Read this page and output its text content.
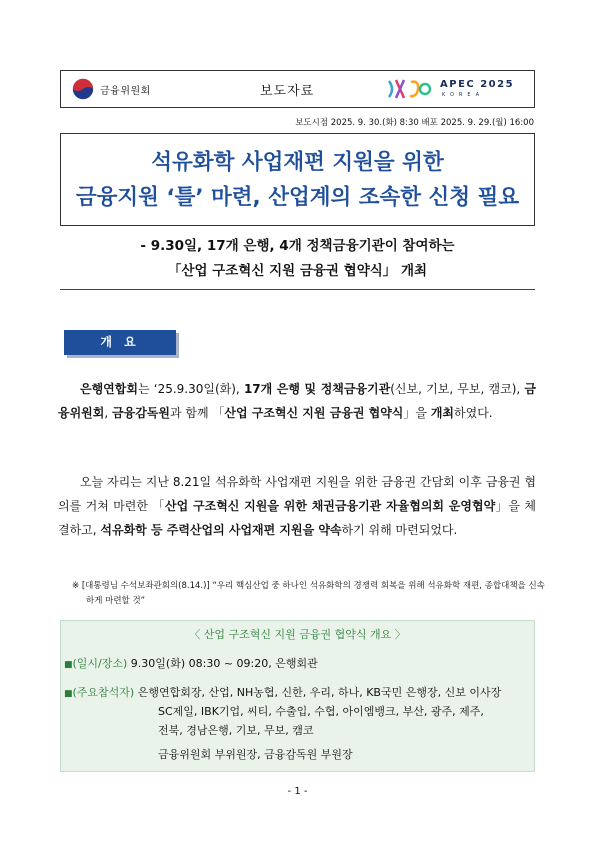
금융위원회	보도자료	APEC 2025
KOREA
보도시점 2025. 9. 30.(화) 8:30 배포 2025. 9. 29.(월) 16:00
석유화학 사업재편 지원을 위한
금융지원 ‘틀’ 마련, 산업계의 조속한 신청 필요
- 9.30일, 17개 은행, 4개 정책금융기관이 참여하는
「산업 구조혁신 지원 금융권 협약식」 개최
개 요

은행연합회는 ‘25.9.30일(화), 17개 은행 및 정책금융기관(신보, 기보, 무보, 캠코), 금융위원회, 금융감독원과 함께 「산업 구조혁신 지원 금융권 협약식」을 개최하였다.

오늘 자리는 지난 8.21일 석유화학 사업재편 지원을 위한 금융권 간담회 이후 금융권 협의를 거쳐 마련한 「산업 구조혁신 지원을 위한 채권금융기관 자율협의회 운영협약」을 체결하고, 석유화학 등 주력산업의 사업재편 지원을 약속하기 위해 마련되었다.

※ [대통령님 수석보좌관회의(8.14.)] “우리 핵심산업 중 하나인 석유화학의 경쟁력 회복을 위해 석유화학 재편, 종합대책을 신속하게 마련할 것”
〈 산업 구조혁신 지원 금융권 협약식 개요 〉
■(일시/장소) 9.30일(화) 08:30 ~ 09:20, 은행회관
■(주요참석자) 은행연합회장, 산업, NH농협, 신한, 우리, 하나, KB국민 은행장, 신보 이사장
SC제일, IBK기업, 씨티, 수출입, 수협, 아이엠뱅크, 부산, 광주, 제주,
전북, 경남은행, 기보, 무보, 캠코
금융위원회 부위원장, 금융감독원 부원장
- 1 -
